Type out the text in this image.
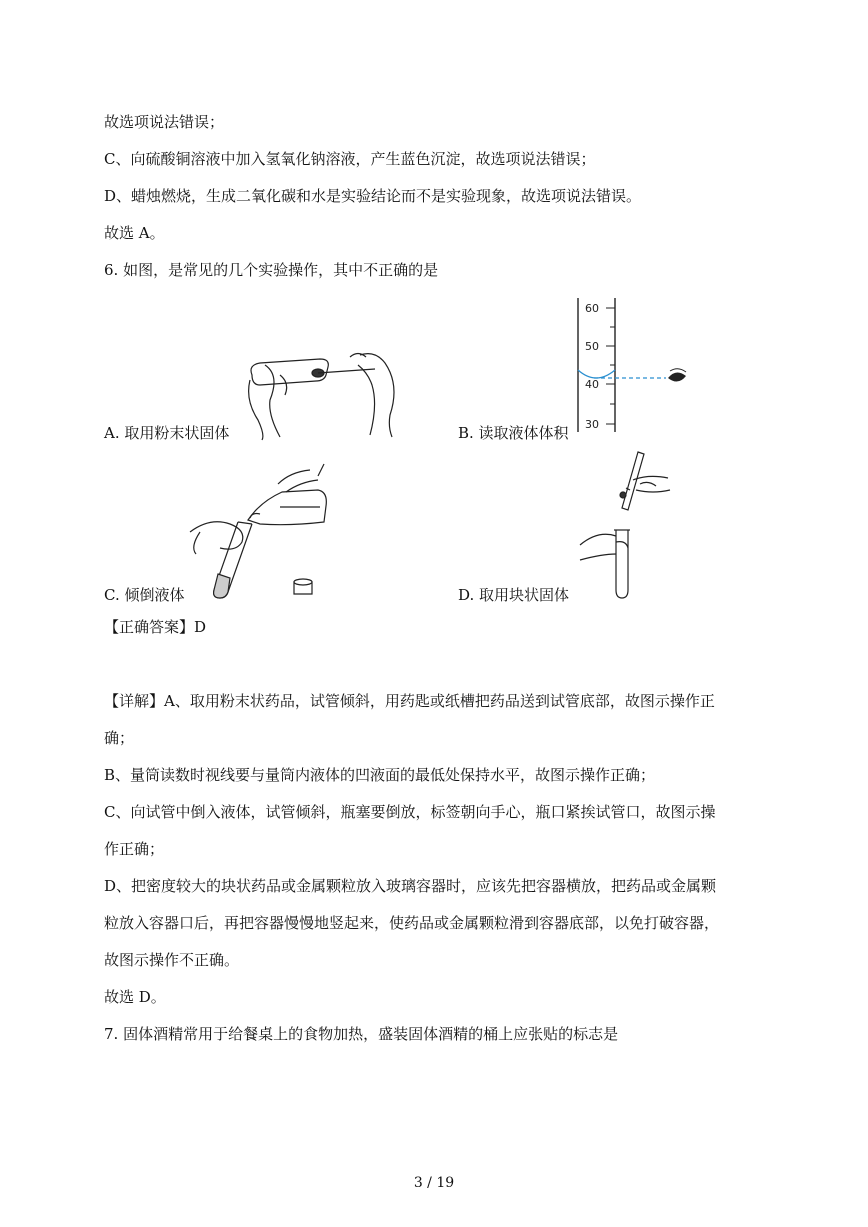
故选项说法错误；

C、向硫酸铜溶液中加入氢氧化钠溶液，产生蓝色沉淀，故选项说法错误；

D、蜡烛燃烧，生成二氧化碳和水是实验结论而不是实验现象，故选项说法错误。

故选 A。

6. 如图，是常见的几个实验操作，其中不正确的是

A. 取用粉末状固体

60
50
40
30

B. 读取液体体积

C. 倾倒液体	D. 取用块状固体

【正确答案】D

【详解】A、取用粉末状药品，试管倾斜，用药匙或纸槽把药品送到试管底部，故图示操作正

确；

B、量筒读数时视线要与量筒内液体的凹液面的最低处保持水平，故图示操作正确；

C、向试管中倒入液体，试管倾斜，瓶塞要倒放，标签朝向手心，瓶口紧挨试管口，故图示操

作正确；

D、把密度较大的块状药品或金属颗粒放入玻璃容器时，应该先把容器横放，把药品或金属颗

粒放入容器口后，再把容器慢慢地竖起来，使药品或金属颗粒滑到容器底部，以免打破容器，

故图示操作不正确。

故选 D。

7. 固体酒精常用于给餐桌上的食物加热，盛装固体酒精的桶上应张贴的标志是

3 / 19
